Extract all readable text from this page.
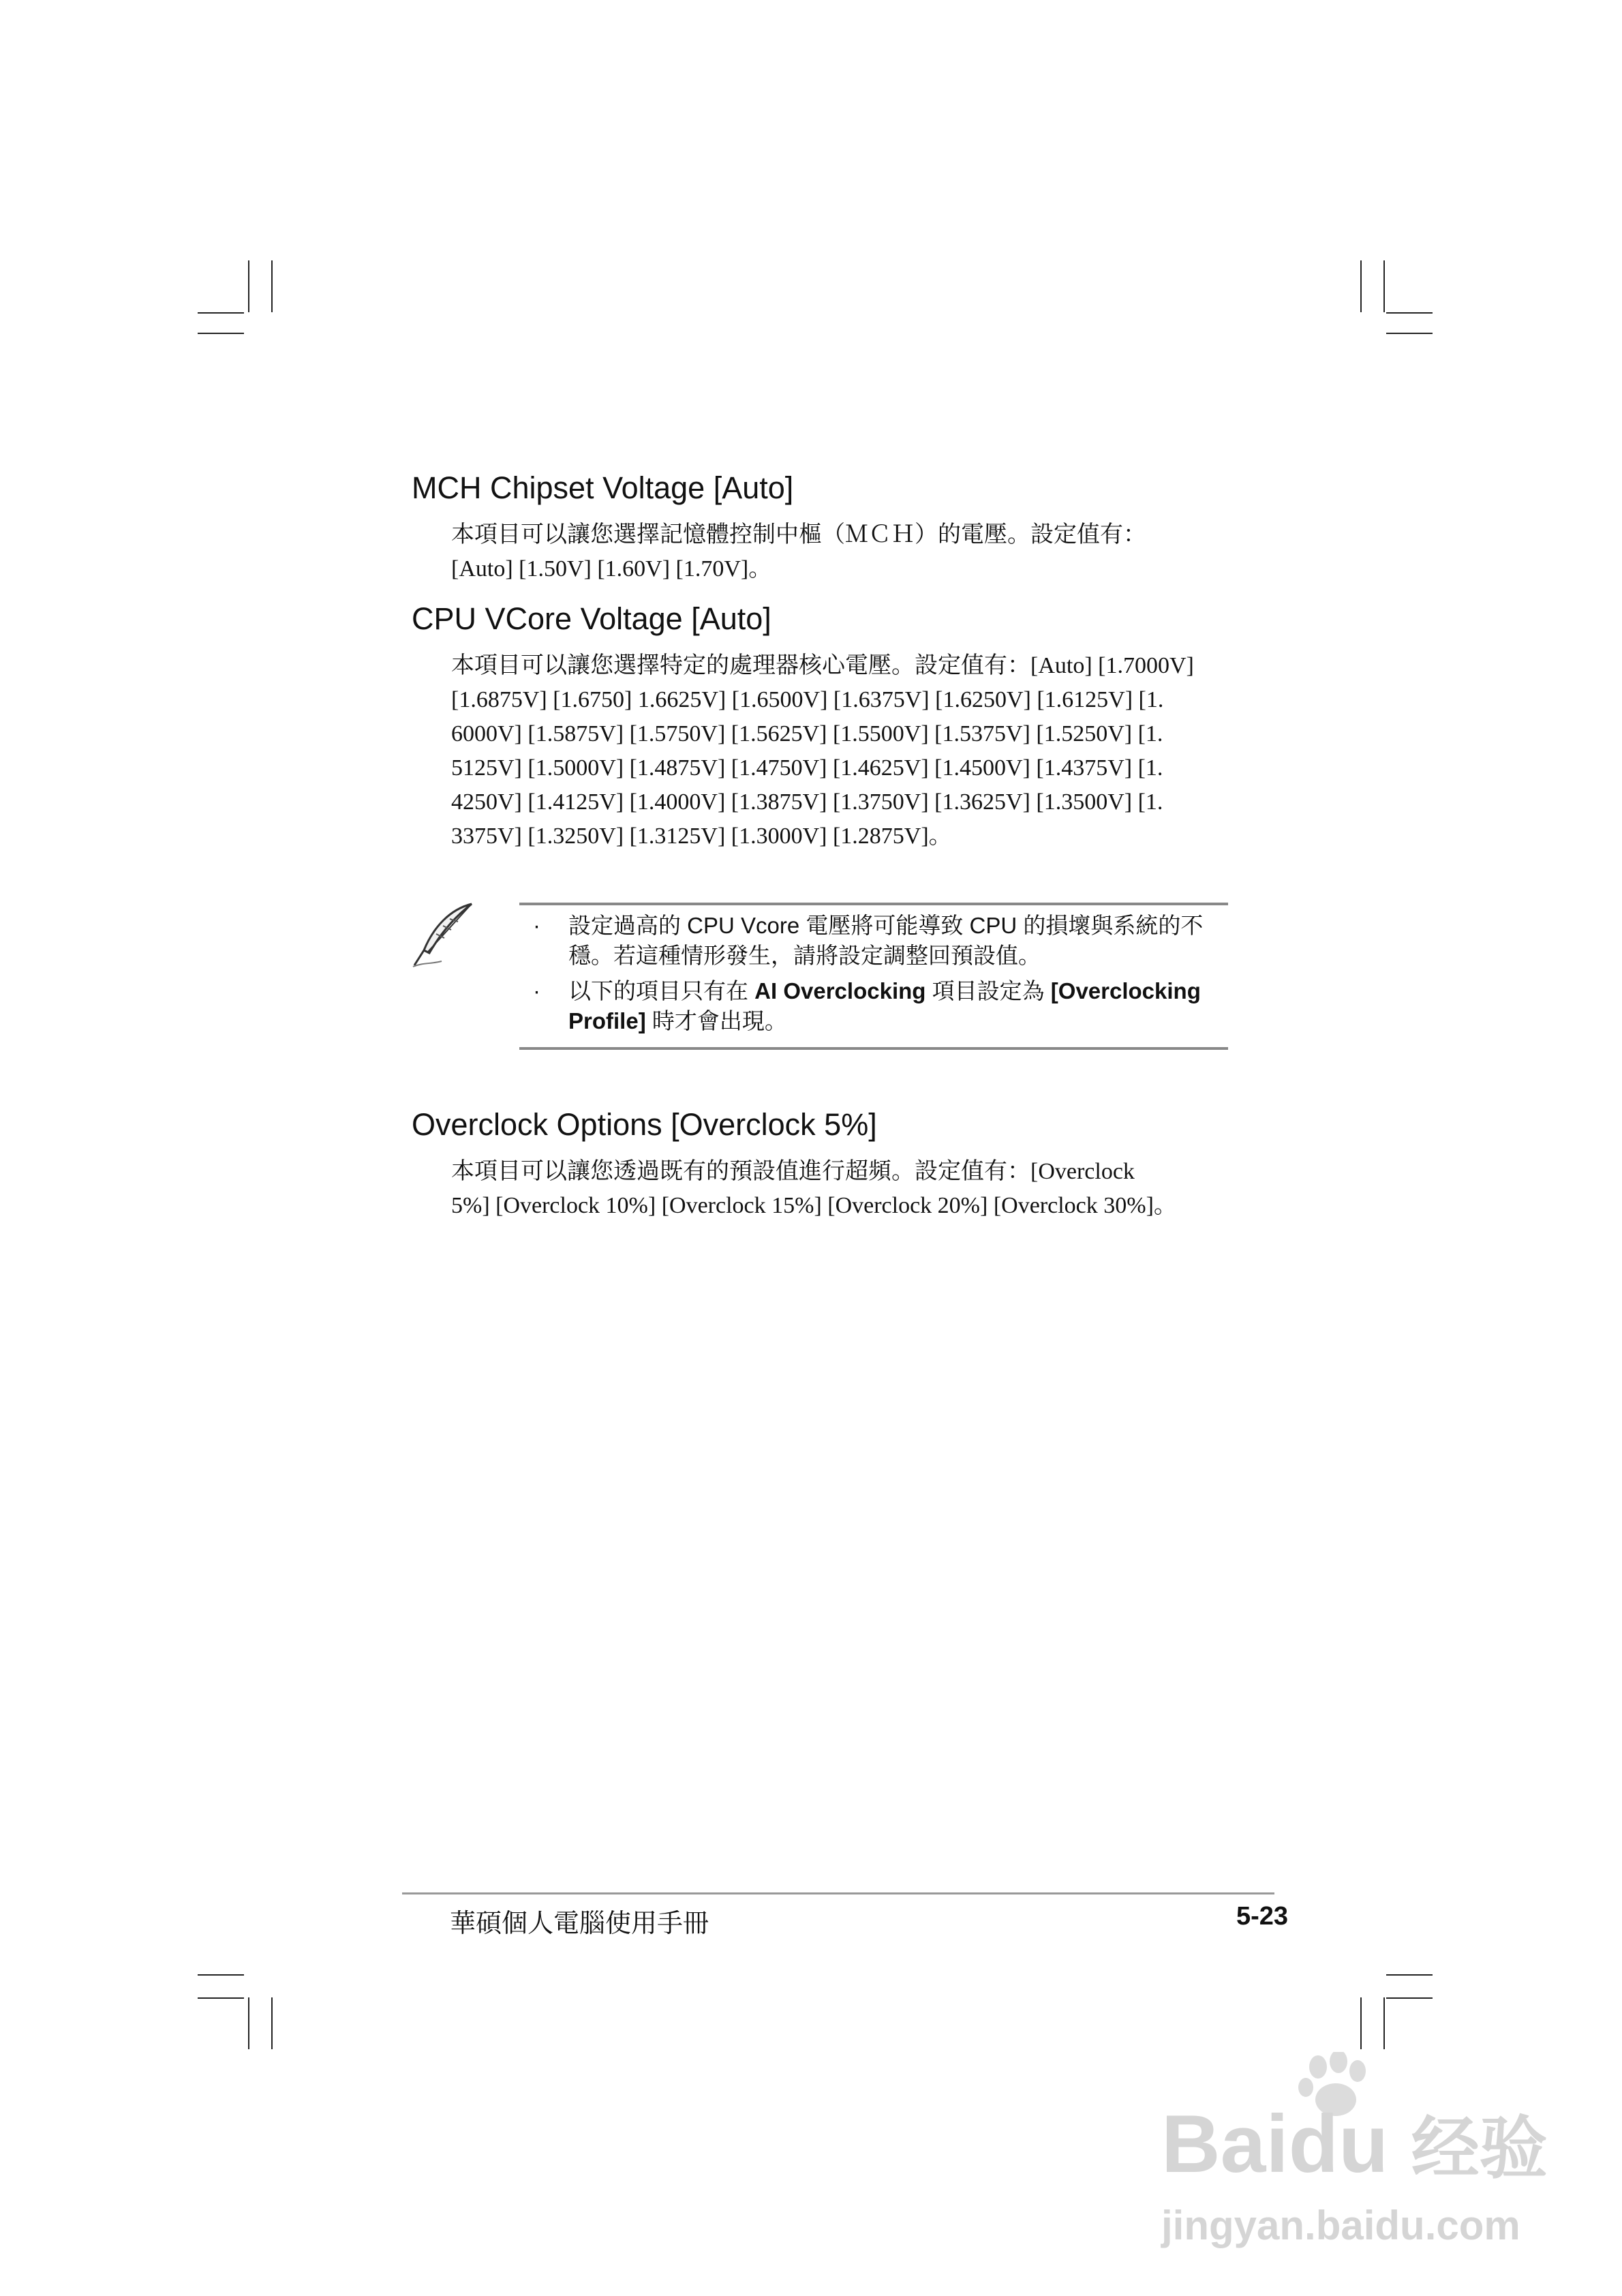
MCH Chipset Voltage [Auto]
本項目可以讓您選擇記憶體控制中樞（ＭＣＨ）的電壓。設定值有：
[Auto] [1.50V] [1.60V] [1.70V]。
CPU VCore Voltage [Auto]
本項目可以讓您選擇特定的處理器核心電壓。設定值有：[Auto] [1.7000V]
[1.6875V] [1.6750] 1.6625V] [1.6500V] [1.6375V] [1.6250V] [1.6125V] [1.
6000V] [1.5875V] [1.5750V] [1.5625V] [1.5500V] [1.5375V] [1.5250V] [1.
5125V] [1.5000V] [1.4875V] [1.4750V] [1.4625V] [1.4500V] [1.4375V] [1.
4250V] [1.4125V] [1.4000V] [1.3875V] [1.3750V] [1.3625V] [1.3500V] [1.
3375V] [1.3250V] [1.3125V] [1.3000V] [1.2875V]。
· 設定過高的 CPU Vcore 電壓將可能導致 CPU 的損壞與系統的不
穩。若這種情形發生，請將設定調整回預設值。
· 以下的項目只有在 AI Overclocking 項目設定為 [Overclocking
Profile] 時才會出現。
Overclock Options [Overclock 5%]
本項目可以讓您透過既有的預設值進行超頻。設定值有：[Overclock
5%] [Overclock 10%] [Overclock 15%] [Overclock 20%] [Overclock 30%]。
華碩個人電腦使用手冊	5-23
Baidu 经验
jingyan.baidu.com
